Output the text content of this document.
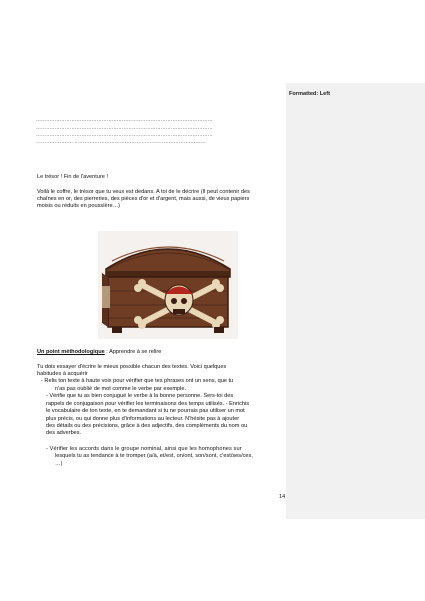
Formatted: Left
……………………………………………………………………………………………
……………………………………………………………………………………………
……………………………………………………………………………………………
…………………. ……………………………………………………………………
Le trésor ! Fin de l'aventure !
Voilà le coffre, le trésor que tu veux est dedans. A toi de le décrire (Il peut contenir des
chaînes en or, des pierreries, des pièces d'or et d'argent, mais aussi, de vieux papiers
moisis ou réduits en poussière…)
Un point méthodologique : Apprendre à se relire
Tu dois essayer d'écrire le mieux possible chacun des textes. Voici quelques
habitudes à acquérir
- Relis ton texte à haute voix pour vérifier que tes phrases ont un sens, que tu
n'as pas oublié de mot comme le verbe par exemple.
- Vérifie que tu as bien conjugué le verbe à la bonne personne. Sers-toi des
rappels de conjugaison pour vérifier les terminaisons des temps utilisés. - Enrichis
le vocabulaire de ton texte, en te demandant si tu ne pourrais pas utiliser un mot
plus précis, ou qui donne plus d'informations au lecteur. N'hésite pas à ajouter
des détails ou des précisions, grâce à des adjectifs, des compléments du nom ou
des adverbes.
- Vérifier les accords dans le groupe nominal, ainsi que les homophones sur
lesquels tu as tendance à te tromper (a/à, et/est, on/ont, son/sont, c'est/ses/ces,
…)
14
